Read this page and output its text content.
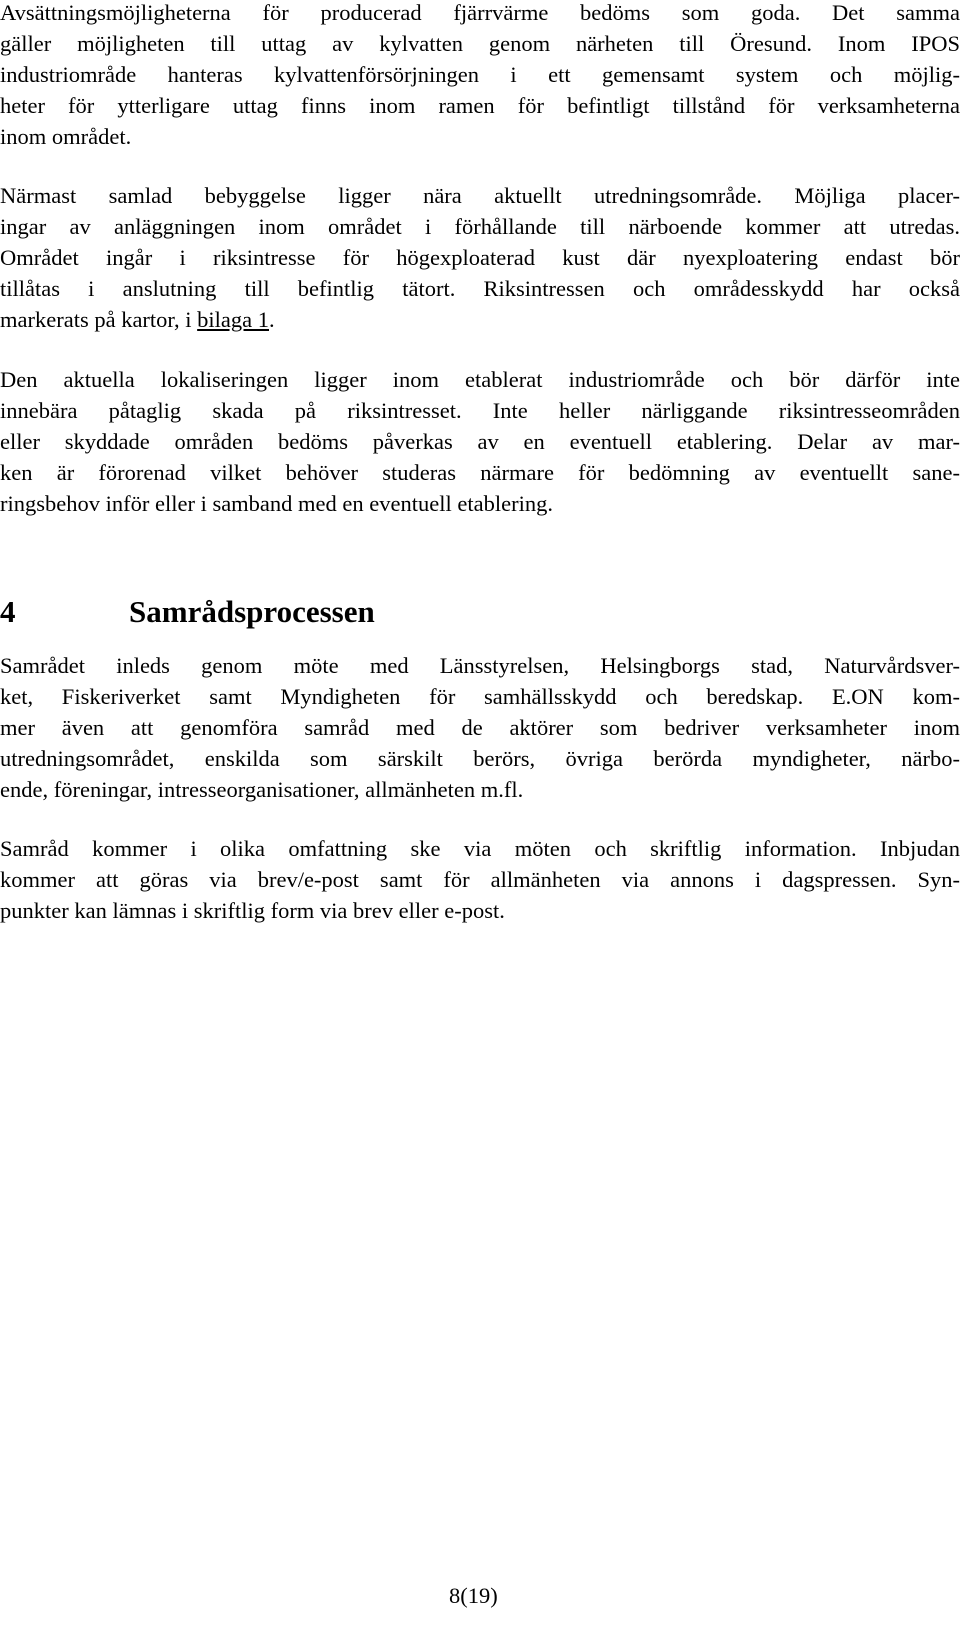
Avsättningsmöjligheterna för producerad fjärrvärme bedöms som goda. Det samma
gäller möjligheten till uttag av kylvatten genom närheten till Öresund. Inom IPOS
industriområde hanteras kylvattenförsörjningen i ett gemensamt system och möjlig-
heter för ytterligare uttag finns inom ramen för befintligt tillstånd för verksamheterna
inom området.
Närmast samlad bebyggelse ligger nära aktuellt utredningsområde. Möjliga placer-
ingar av anläggningen inom området i förhållande till närboende kommer att utredas.
Området ingår i riksintresse för högexploaterad kust där nyexploatering endast bör
tillåtas i anslutning till befintlig tätort. Riksintressen och områdesskydd har också
markerats på kartor, i bilaga 1.
Den aktuella lokaliseringen ligger inom etablerat industriområde och bör därför inte
innebära påtaglig skada på riksintresset. Inte heller närliggande riksintresseområden
eller skyddade områden bedöms påverkas av en eventuell etablering. Delar av mar-
ken är förorenad vilket behöver studeras närmare för bedömning av eventuellt sane-
ringsbehov inför eller i samband med en eventuell etablering.
4	Samrådsprocessen
Samrådet inleds genom möte med Länsstyrelsen, Helsingborgs stad, Naturvårdsver-
ket, Fiskeriverket samt Myndigheten för samhällsskydd och beredskap. E.ON kom-
mer även att genomföra samråd med de aktörer som bedriver verksamheter inom
utredningsområdet, enskilda som särskilt berörs, övriga berörda myndigheter, närbo-
ende, föreningar, intresseorganisationer, allmänheten m.fl.
Samråd kommer i olika omfattning ske via möten och skriftlig information. Inbjudan
kommer att göras via brev/e-post samt för allmänheten via annons i dagspressen. Syn-
punkter kan lämnas i skriftlig form via brev eller e-post.
8(19)
